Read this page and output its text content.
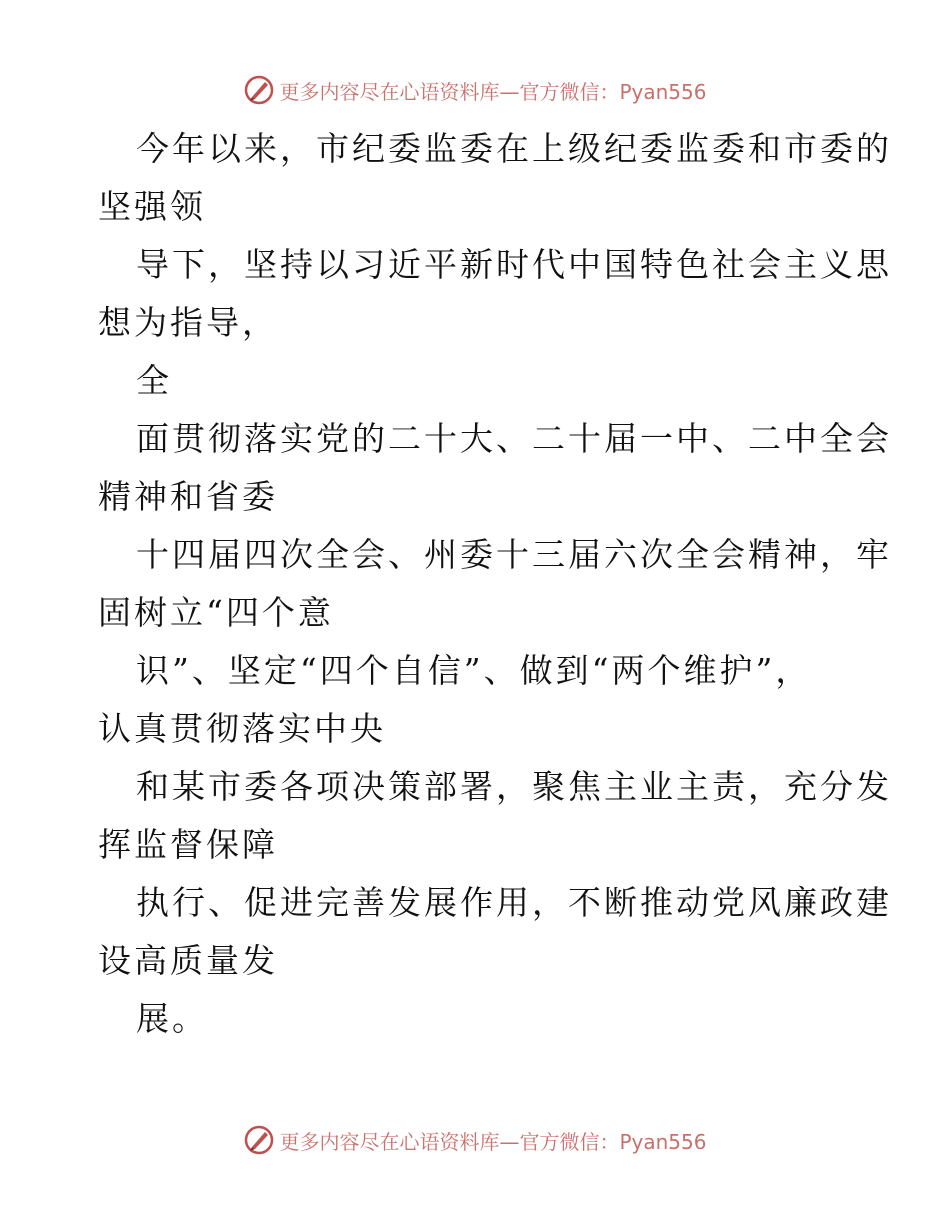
更多内容尽在心语资料库—官方微信：Pyan556
今年以来，市纪委监委在上级纪委监委和市委的
坚强领
导下，坚持以习近平新时代中国特色社会主义思
想为指导，
全
面贯彻落实党的二十大、二十届一中、二中全会
精神和省委
十四届四次全会、州委十三届六次全会精神，牢
固树立“四个意
识”、坚定“四个自信”、做到“两个维护”，
认真贯彻落实中央
和某市委各项决策部署，聚焦主业主责，充分发
挥监督保障
执行、促进完善发展作用，不断推动党风廉政建
设高质量发
展。
更多内容尽在心语资料库—官方微信：Pyan556
